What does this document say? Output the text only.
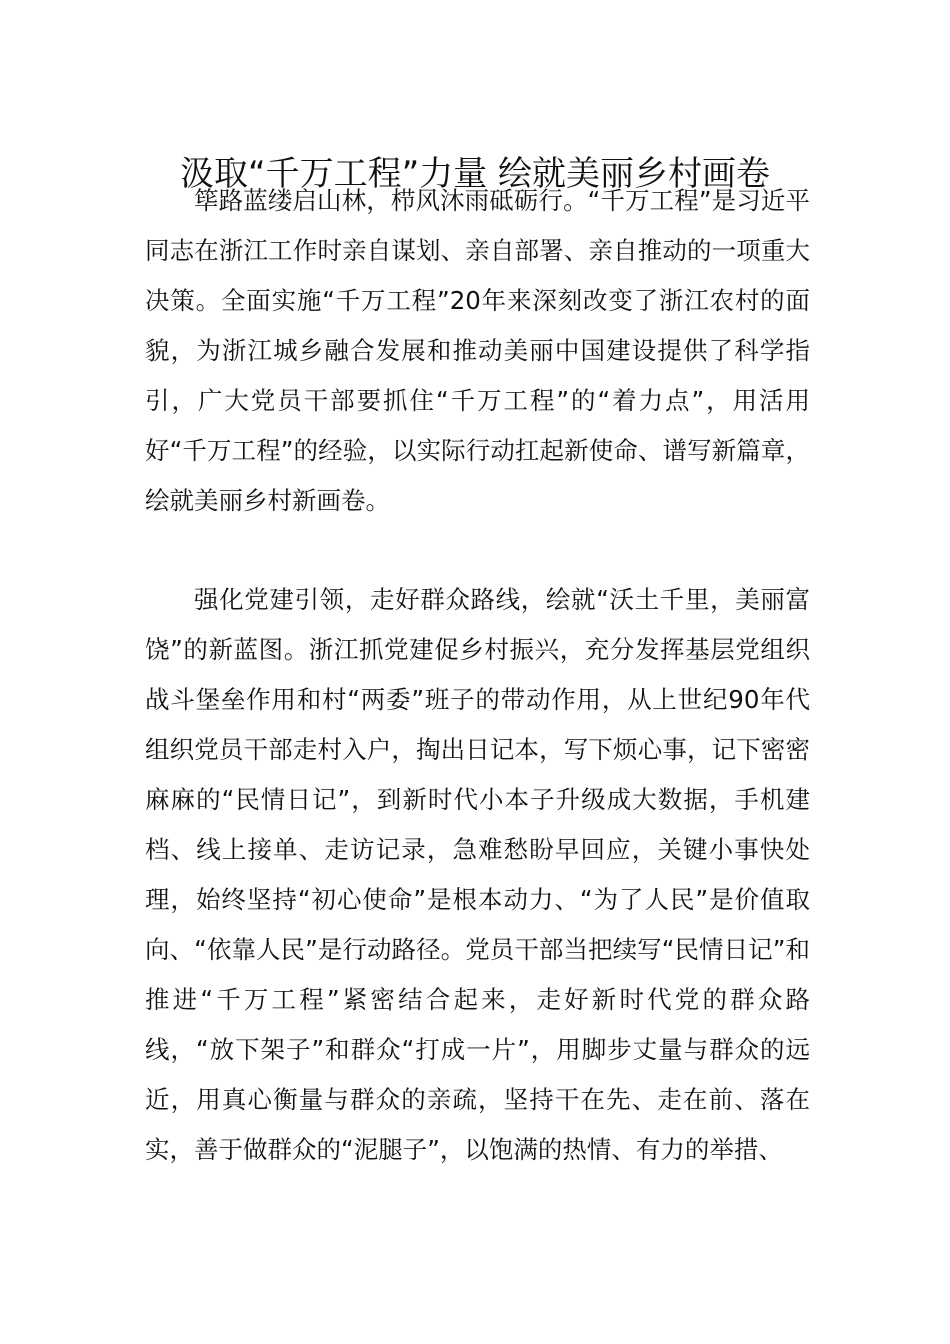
汲取“千万工程”力量 绘就美丽乡村画卷

筚路蓝缕启山林，栉风沐雨砥砺行。“千万工程”是习近平同志在浙江工作时亲自谋划、亲自部署、亲自推动的一项重大决策。全面实施“千万工程”20年来深刻改变了浙江农村的面貌，为浙江城乡融合发展和推动美丽中国建设提供了科学指引，广大党员干部要抓住“千万工程”的“着力点”，用活用好“千万工程”的经验，以实际行动扛起新使命、谱写新篇章，绘就美丽乡村新画卷。

强化党建引领，走好群众路线，绘就“沃土千里，美丽富饶”的新蓝图。浙江抓党建促乡村振兴，充分发挥基层党组织战斗堡垒作用和村“两委”班子的带动作用，从上世纪90年代组织党员干部走村入户，掏出日记本，写下烦心事，记下密密麻麻的“民情日记”，到新时代小本子升级成大数据，手机建档、线上接单、走访记录，急难愁盼早回应，关键小事快处理，始终坚持“初心使命”是根本动力、“为了人民”是价值取向、“依靠人民”是行动路径。党员干部当把续写“民情日记”和推进“千万工程”紧密结合起来，走好新时代党的群众路线，“放下架子”和群众“打成一片”，用脚步丈量与群众的远近，用真心衡量与群众的亲疏，坚持干在先、走在前、落在实，善于做群众的“泥腿子”，以饱满的热情、有力的举措、
